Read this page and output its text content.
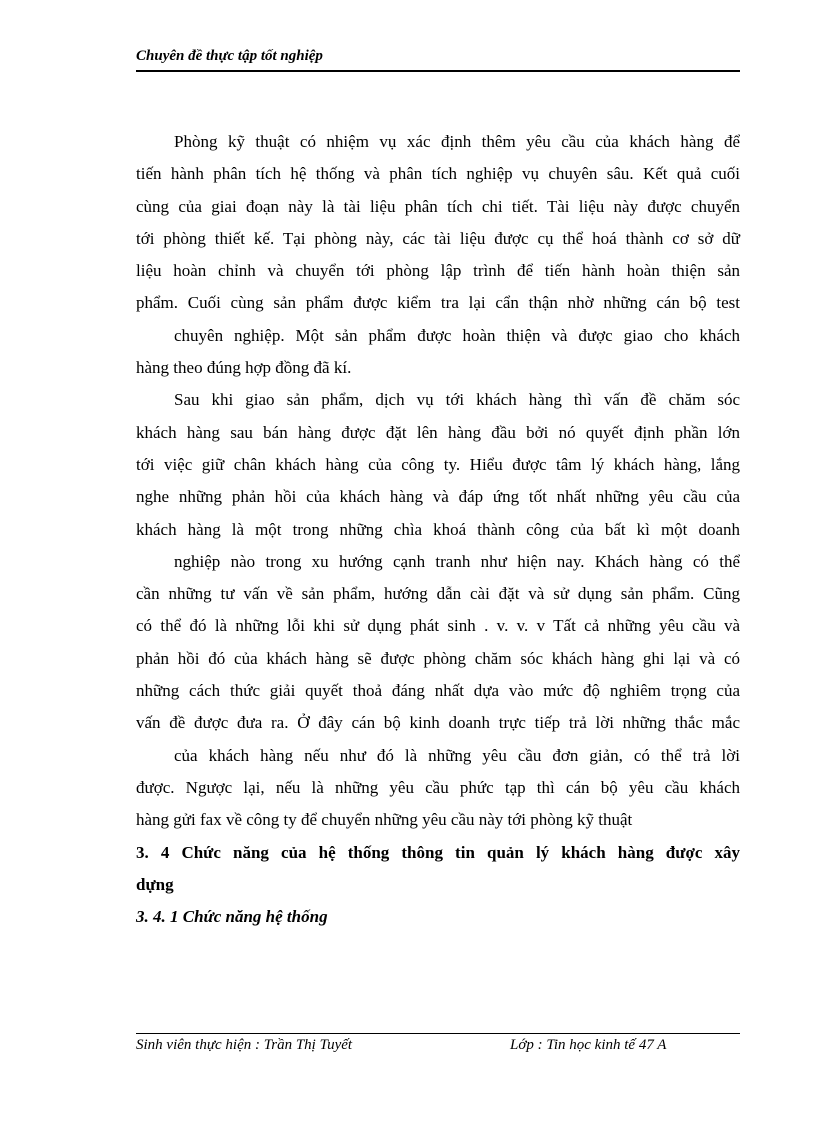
Chuyên đề thực tập tốt nghiệp
Phòng kỹ thuật có nhiệm vụ xác định thêm yêu cầu của khách hàng để
tiến hành phân tích hệ thống và phân tích nghiệp vụ chuyên sâu. Kết quả cuối
cùng của giai đoạn này là tài liệu phân tích chi tiết. Tài liệu này được chuyển
tới phòng thiết kế. Tại phòng này, các tài liệu được cụ thể hoá thành cơ sở dữ
liệu hoàn chỉnh và chuyển tới phòng lập trình để tiến hành hoàn thiện sản
phẩm. Cuối cùng sản phẩm được kiểm tra lại cẩn thận nhờ những cán bộ test
chuyên nghiệp. Một sản phẩm được hoàn thiện và được giao cho khách
hàng theo đúng hợp đồng đã kí.
Sau khi giao sản phẩm, dịch vụ tới khách hàng thì vấn đề chăm sóc
khách hàng sau bán hàng được đặt lên hàng đầu bởi nó quyết định phần lớn
tới việc giữ chân khách hàng của công ty. Hiểu được tâm lý khách hàng, lắng
nghe những phản hồi của khách hàng và đáp ứng tốt nhất những yêu cầu của
khách hàng là một trong những chìa khoá thành công của bất kì một doanh
nghiệp nào trong xu hướng cạnh tranh như hiện nay. Khách hàng có thể
cần những tư vấn về sản phẩm, hướng dẫn cài đặt và sử dụng sản phẩm. Cũng
có thể đó là những lỗi khi sử dụng phát sinh . v. v. v Tất cả những yêu cầu và
phản hồi đó của khách hàng sẽ được phòng chăm sóc khách hàng ghi lại và có
những cách thức giải quyết thoả đáng nhất dựa vào mức độ nghiêm trọng của
vấn đề được đưa ra. Ở đây cán bộ kinh doanh trực tiếp trả lời những thắc mắc
của khách hàng nếu như đó là những yêu cầu đơn giản, có thể trả lời
được. Ngược lại, nếu là những yêu cầu phức tạp thì cán bộ yêu cầu khách
hàng gửi fax về công ty để chuyển những yêu cầu này tới phòng kỹ thuật
3. 4 Chức năng của hệ thống thông tin quản lý khách hàng được xây
dựng
3. 4. 1 Chức năng hệ thống
Sinh viên thực hiện : Trần Thị Tuyết	Lớp : Tin học kinh tế 47 A
